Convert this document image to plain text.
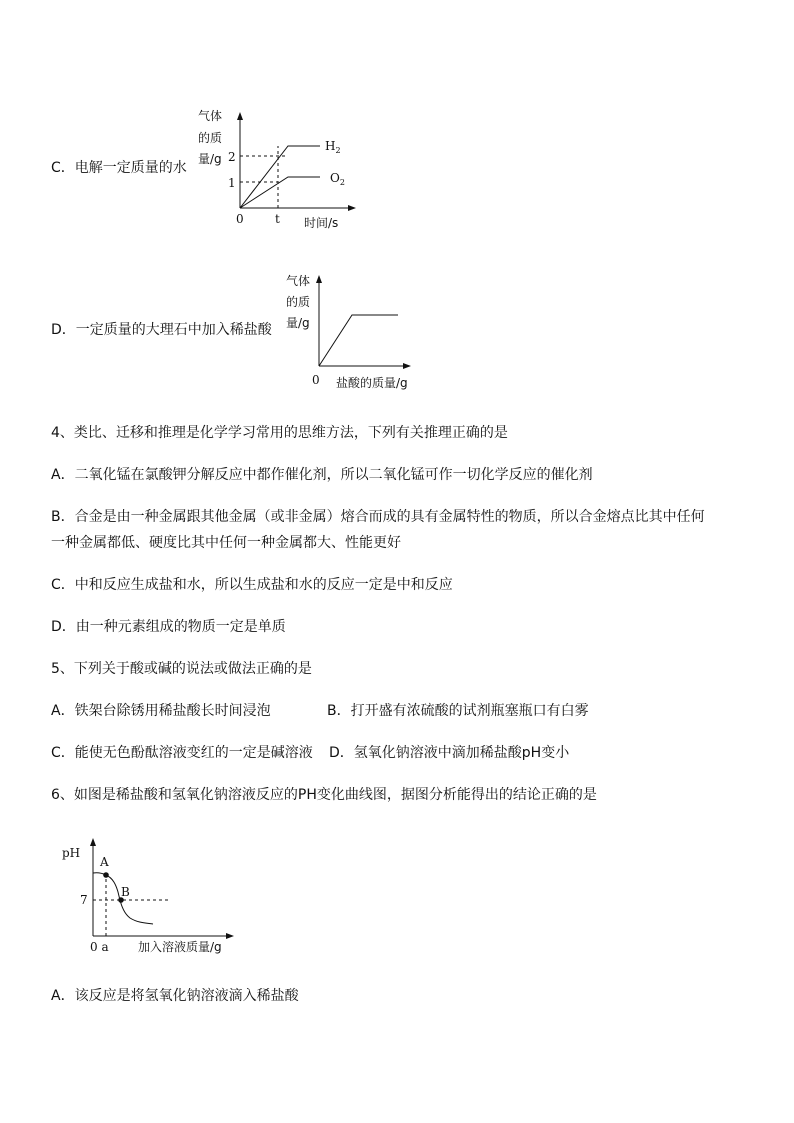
C．电解一定质量的水
气体
的质
量/g 2
1
0	t 时间/s
$H_2$
$O_2$
D．一定质量的大理石中加入稀盐酸
气体
的质
量/g
0 盐酸的质量/g
4、类比、迁移和推理是化学学习常用的思维方法，下列有关推理正确的是
A．二氧化锰在氯酸钾分解反应中都作催化剂，所以二氧化锰可作一切化学反应的催化剂
B．合金是由一种金属跟其他金属（或非金属）熔合而成的具有金属特性的物质，所以合金熔点比其中任何
一种金属都低、硬度比其中任何一种金属都大、性能更好
C．中和反应生成盐和水，所以生成盐和水的反应一定是中和反应
D．由一种元素组成的物质一定是单质
5、下列关于酸或碱的说法或做法正确的是
A．铁架台除锈用稀盐酸长时间浸泡	B．打开盛有浓硫酸的试剂瓶塞瓶口有白雾
C．能使无色酚酞溶液变红的一定是碱溶液 D．氢氧化钠溶液中滴加稀盐酸pH变小
6、如图是稀盐酸和氢氧化钠溶液反应的PH变化曲线图，据图分析能得出的结论正确的是
pH
A
B
7
0 a 加入溶液质量/g
A．该反应是将氢氧化钠溶液滴入稀盐酸
